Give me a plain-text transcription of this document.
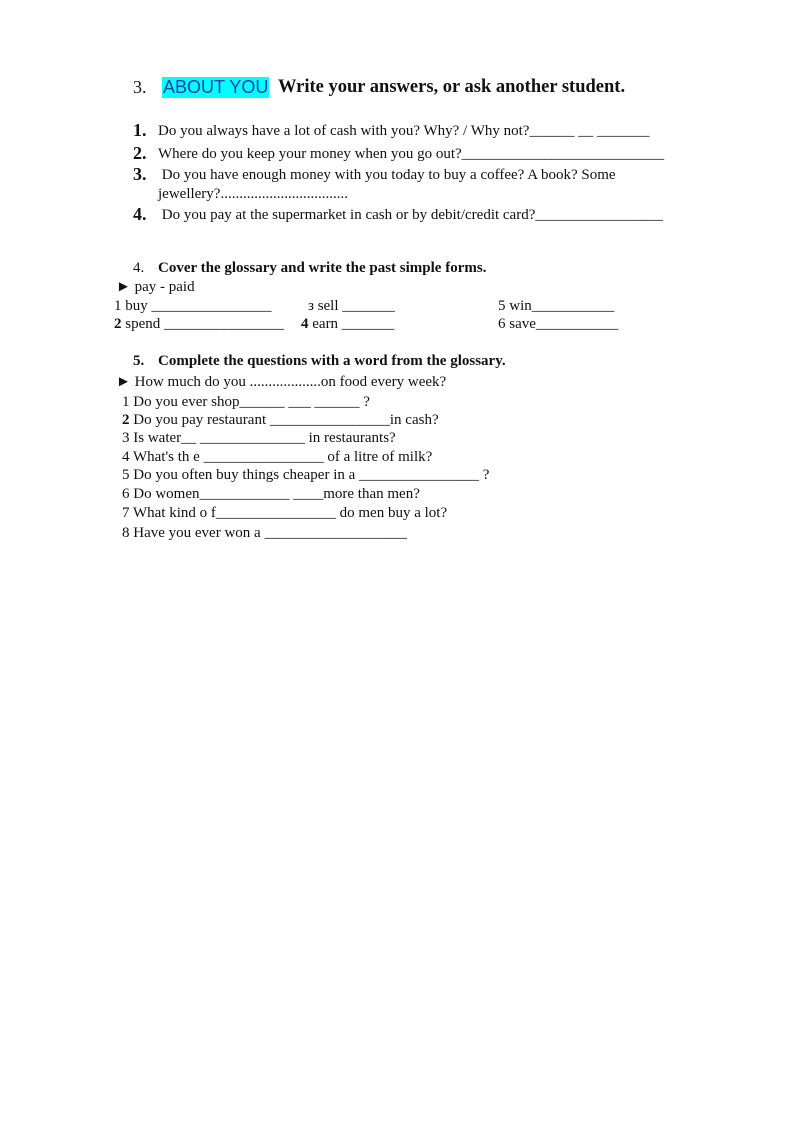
3. ABOUT YOU Write your answers, or ask another student.
1. Do you always have a lot of cash with you? Why? / Why not?______ __ _______
2. Where do you keep your money when you go out?___________________________
3. Do you have enough money with you today to buy a coffee? A book? Some
jewellery?..................................
4. Do you pay at the supermarket in cash or by debit/credit card?_________________
4. Cover the glossary and write the past simple forms.
► pay - paid
1 buy ________________ з sell _______	5 win___________
2 spend ________________ 4 earn _______	6 save___________
5. Complete the questions with a word from the glossary.
► How much do you ...................on food every week?
1 Do you ever shop______ ___ ______ ?
2 Do you pay restaurant ________________in cash?
3 Is water__ ______________ in restaurants?
4 What's th e ________________ of a litre of milk?
5 Do you often buy things cheaper in a ________________ ?
6 Do women____________ ____more than men?
7 What kind o f________________ do men buy a lot?
8 Have you ever won a ___________________
